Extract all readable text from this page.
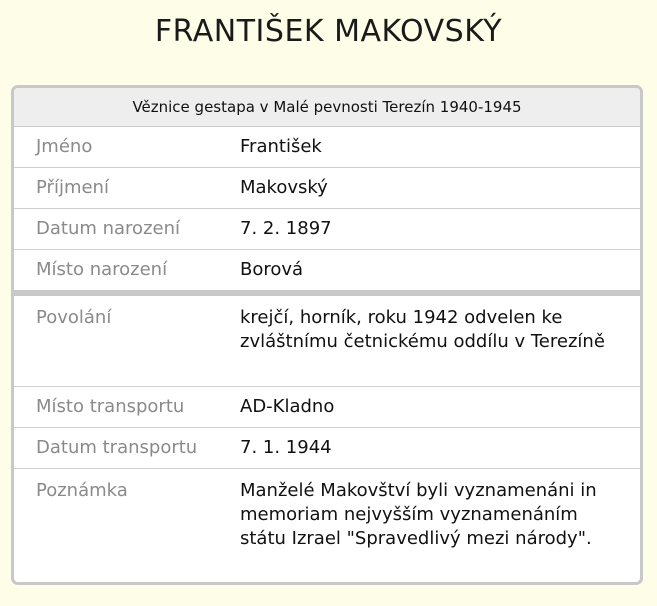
FRANTIŠEK MAKOVSKÝ
Věznice gestapa v Malé pevnosti Terezín 1940-1945
Jméno	František
Příjmení	Makovský
Datum narození	7. 2. 1897
Místo narození	Borová
Povolání	krejčí, horník, roku 1942 odvelen ke zvláštnímu četnickému oddílu v Terezíně
Místo transportu	AD-Kladno
Datum transportu	7. 1. 1944
Poznámka	Manželé Makovštví byli vyznamenáni in memoriam nejvyšším vyznamenáním státu Izrael "Spravedlivý mezi národy".
